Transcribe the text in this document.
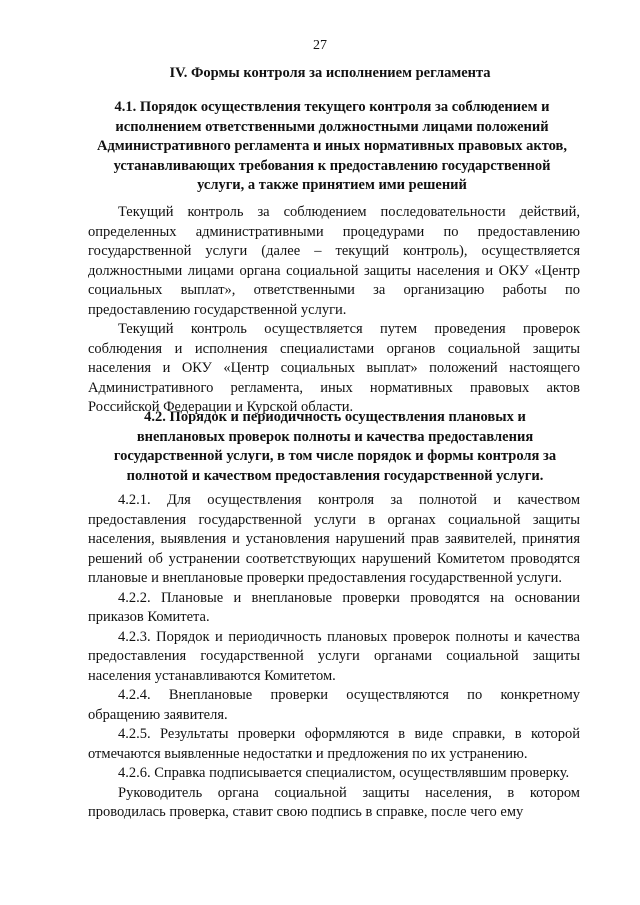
27
IV. Формы контроля за исполнением регламента
4.1. Порядок осуществления текущего контроля за соблюдением и исполнением ответственными должностными лицами положений Административного регламента и иных нормативных правовых актов, устанавливающих требования к предоставлению государственной услуги, а также принятием ими решений

Текущий контроль за соблюдением последовательности действий, определенных административными процедурами по предоставлению государственной услуги (далее – текущий контроль), осуществляется должностными лицами органа социальной защиты населения и ОКУ «Центр социальных выплат», ответственными за организацию работы по предоставлению государственной услуги.

Текущий контроль осуществляется путем проведения проверок соблюдения и исполнения специалистами органов социальной защиты населения и ОКУ «Центр социальных выплат» положений настоящего Административного регламента, иных нормативных правовых актов Российской Федерации и Курской области.

4.2. Порядок и периодичность осуществления плановых и внеплановых проверок полноты и качества предоставления государственной услуги, в том числе порядок и формы контроля за полнотой и качеством предоставления государственной услуги.

4.2.1. Для осуществления контроля за полнотой и качеством предоставления государственной услуги в органах социальной защиты населения, выявления и установления нарушений прав заявителей, принятия решений об устранении соответствующих нарушений Комитетом проводятся плановые и внеплановые проверки предоставления государственной услуги.

4.2.2. Плановые и внеплановые проверки проводятся на основании приказов Комитета.

4.2.3. Порядок и периодичность плановых проверок полноты и качества предоставления государственной услуги органами социальной защиты населения устанавливаются Комитетом.

4.2.4. Внеплановые проверки осуществляются по конкретному обращению заявителя.

4.2.5. Результаты проверки оформляются в виде справки, в которой отмечаются выявленные недостатки и предложения по их устранению.

4.2.6. Справка подписывается специалистом, осуществлявшим проверку.

Руководитель органа социальной защиты населения, в котором проводилась проверка, ставит свою подпись в справке, после чего ему
